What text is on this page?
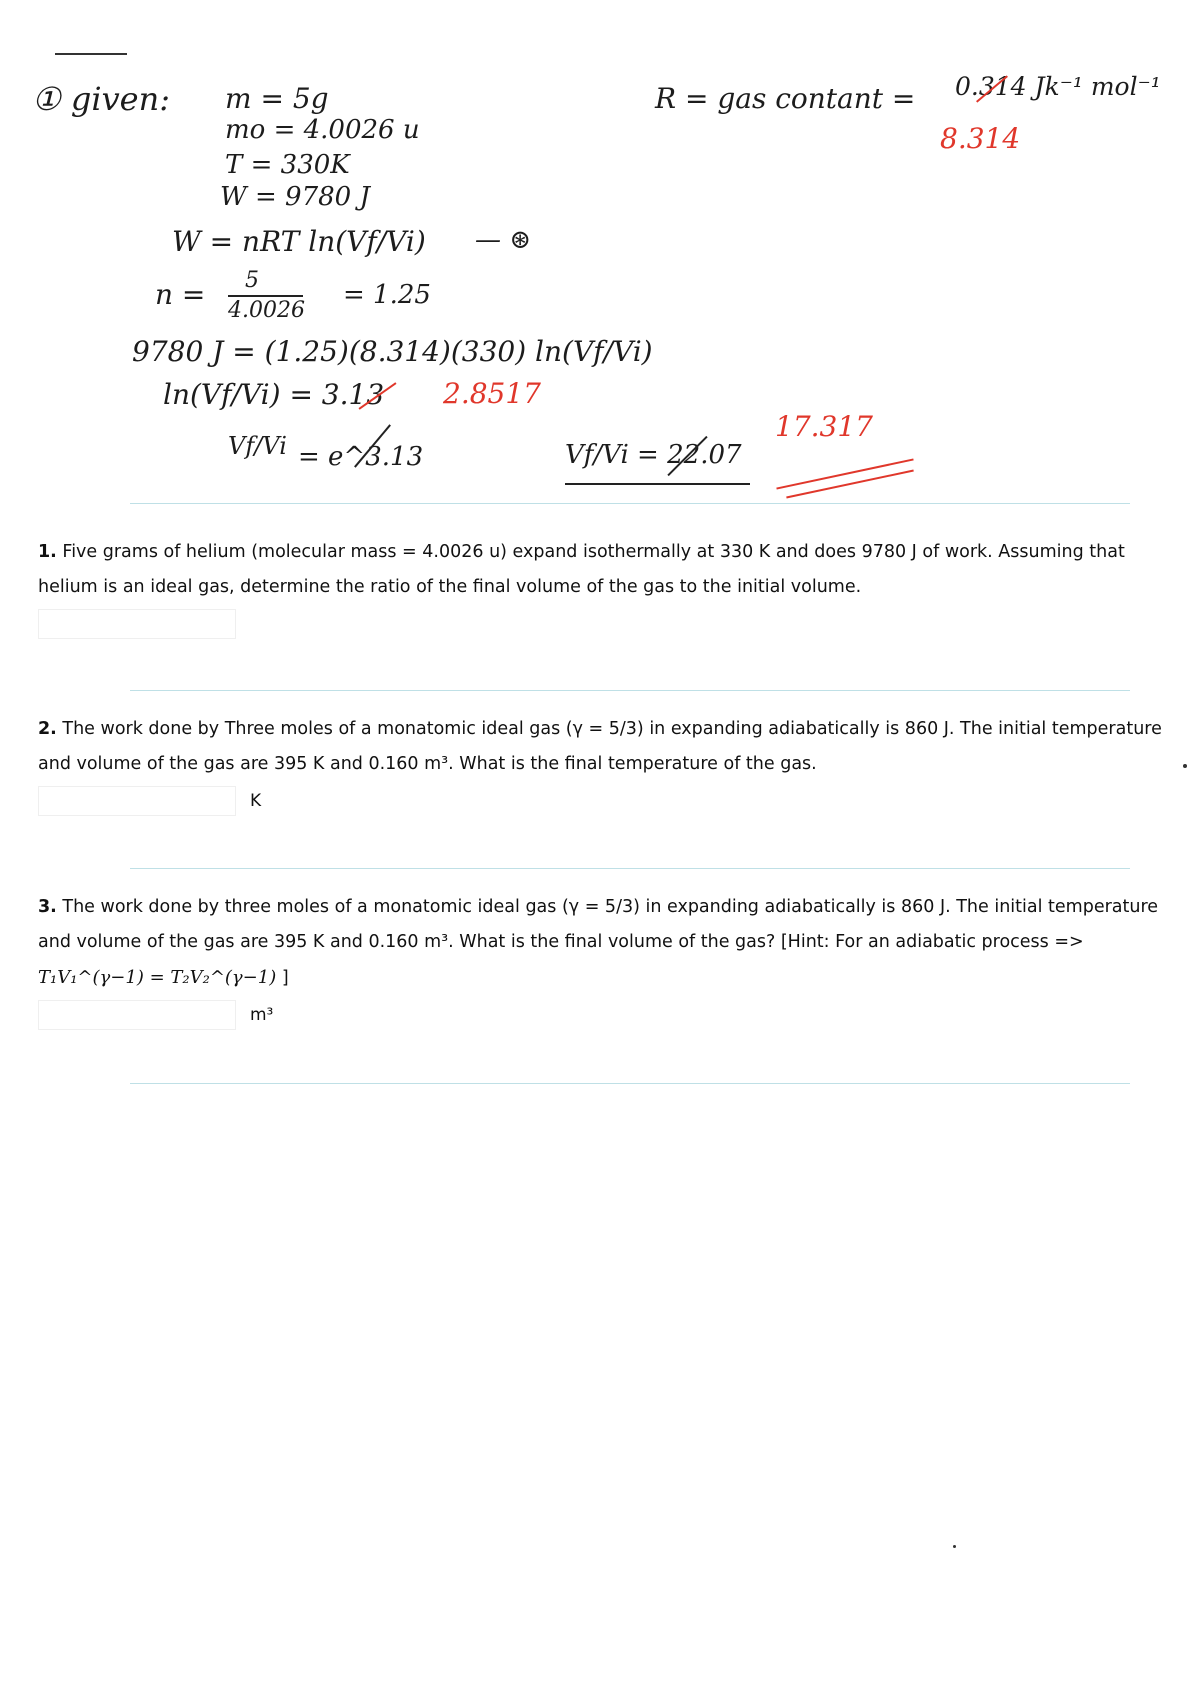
① given: m = 5g
mo = 4.0026 u
T = 330K
W = 9780 J
W = nRT ln(Vf/Vi) — ⊛
n = 5
4.0026
= 1.25
9780 J = (1.25)(8.314)(330) ln(Vf/Vi)
ln(Vf/Vi) = 3.13 2.8517
Vf/Vi = e^3.13	Vf/Vi = 22.07
17.317
R = gas contant = 0.314 Jk⁻¹ mol⁻¹
8.314
1. Five grams of helium (molecular mass = 4.0026 u) expand isothermally at 330 K and does 9780 J of work. Assuming that helium is an ideal gas, determine the ratio of the final volume of the gas to the initial volume.
2. The work done by Three moles of a monatomic ideal gas (γ = 5/3) in expanding adiabatically is 860 J. The initial temperature and volume of the gas are 395 K and 0.160 m³. What is the final temperature of the gas.
K
3. The work done by three moles of a monatomic ideal gas (γ = 5/3) in expanding adiabatically is 860 J. The initial temperature and volume of the gas are 395 K and 0.160 m³. What is the final volume of the gas? [Hint: For an adiabatic process => T₁V₁^(γ−1) = T₂V₂^(γ−1) ]
m³
